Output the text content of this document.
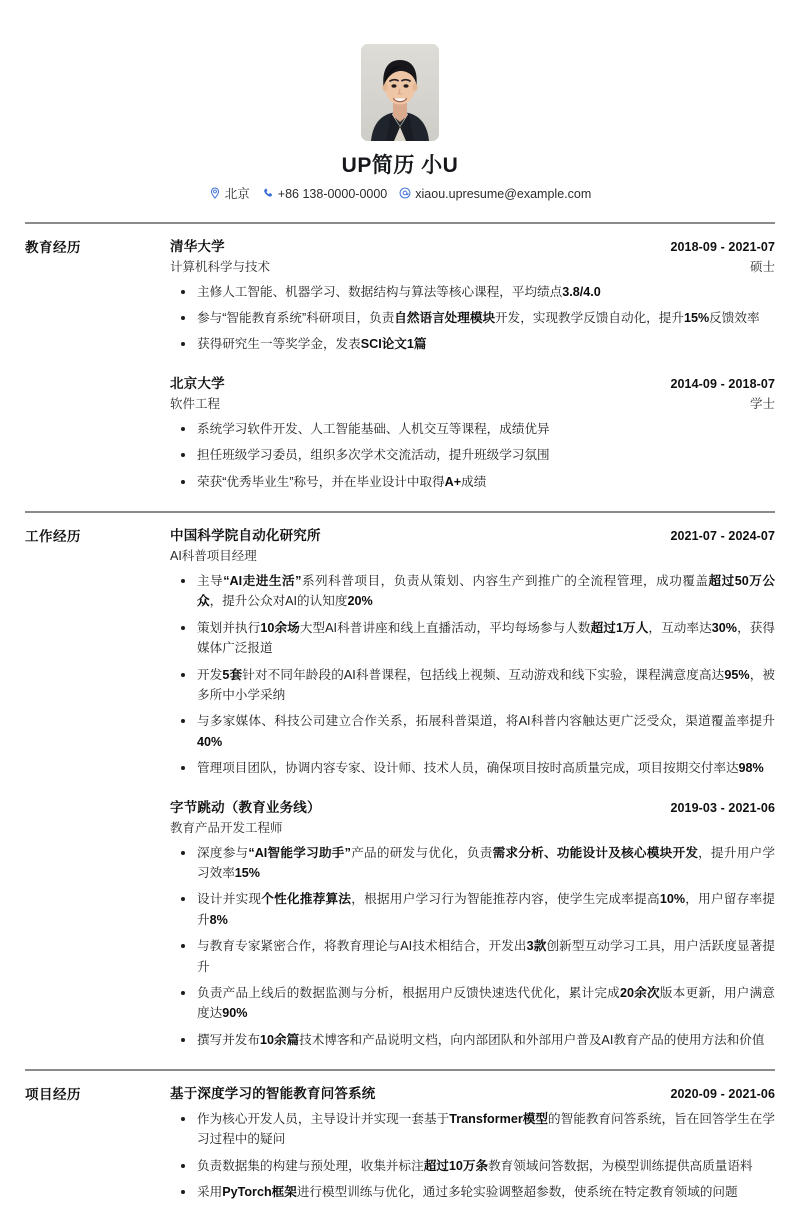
UP简历 小U
北京 +86 138-0000-0000 xiaou.upresume@example.com
教育经历	清华大学	2018-09 - 2021-07
计算机科学与技术	硕士
主修人工智能、机器学习、数据结构与算法等核心课程，平均绩点3.8/4.0
参与“智能教育系统”科研项目，负责自然语言处理模块开发，实现教学反馈自动化，提升15%反馈效率
获得研究生一等奖学金，发表SCI论文1篇
北京大学	2014-09 - 2018-07
软件工程	学士
系统学习软件开发、人工智能基础、人机交互等课程，成绩优异
担任班级学习委员，组织多次学术交流活动，提升班级学习氛围
荣获“优秀毕业生”称号，并在毕业设计中取得A+成绩
工作经历	中国科学院自动化研究所	2021-07 - 2024-07
AI科普项目经理
主导“AI走进生活”系列科普项目，负责从策划、内容生产到推广的全流程管理，成功覆盖超过50万公众，提升公众对AI的认知度20%
策划并执行10余场大型AI科普讲座和线上直播活动，平均每场参与人数超过1万人，互动率达30%，获得媒体广泛报道
开发5套针对不同年龄段的AI科普课程，包括线上视频、互动游戏和线下实验，课程满意度高达95%，被多所中小学采纳
与多家媒体、科技公司建立合作关系，拓展科普渠道，将AI科普内容触达更广泛受众，渠道覆盖率提升40%
管理项目团队，协调内容专家、设计师、技术人员，确保项目按时高质量完成，项目按期交付率达98%
字节跳动（教育业务线）	2019-03 - 2021-06
教育产品开发工程师
深度参与“AI智能学习助手”产品的研发与优化，负责需求分析、功能设计及核心模块开发，提升用户学习效率15%
设计并实现个性化推荐算法，根据用户学习行为智能推荐内容，使学生完成率提高10%，用户留存率提升8%
与教育专家紧密合作，将教育理论与AI技术相结合，开发出3款创新型互动学习工具，用户活跃度显著提升
负责产品上线后的数据监测与分析，根据用户反馈快速迭代优化，累计完成20余次版本更新，用户满意度达90%
撰写并发布10余篇技术博客和产品说明文档，向内部团队和外部用户普及AI教育产品的使用方法和价值
项目经历	基于深度学习的智能教育问答系统	2020-09 - 2021-06
作为核心开发人员，主导设计并实现一套基于Transformer模型的智能教育问答系统，旨在回答学生在学习过程中的疑问
负责数据集的构建与预处理，收集并标注超过10万条教育领域问答数据，为模型训练提供高质量语料
采用PyTorch框架进行模型训练与优化，通过多轮实验调整超参数，使系统在特定教育领域的问题
